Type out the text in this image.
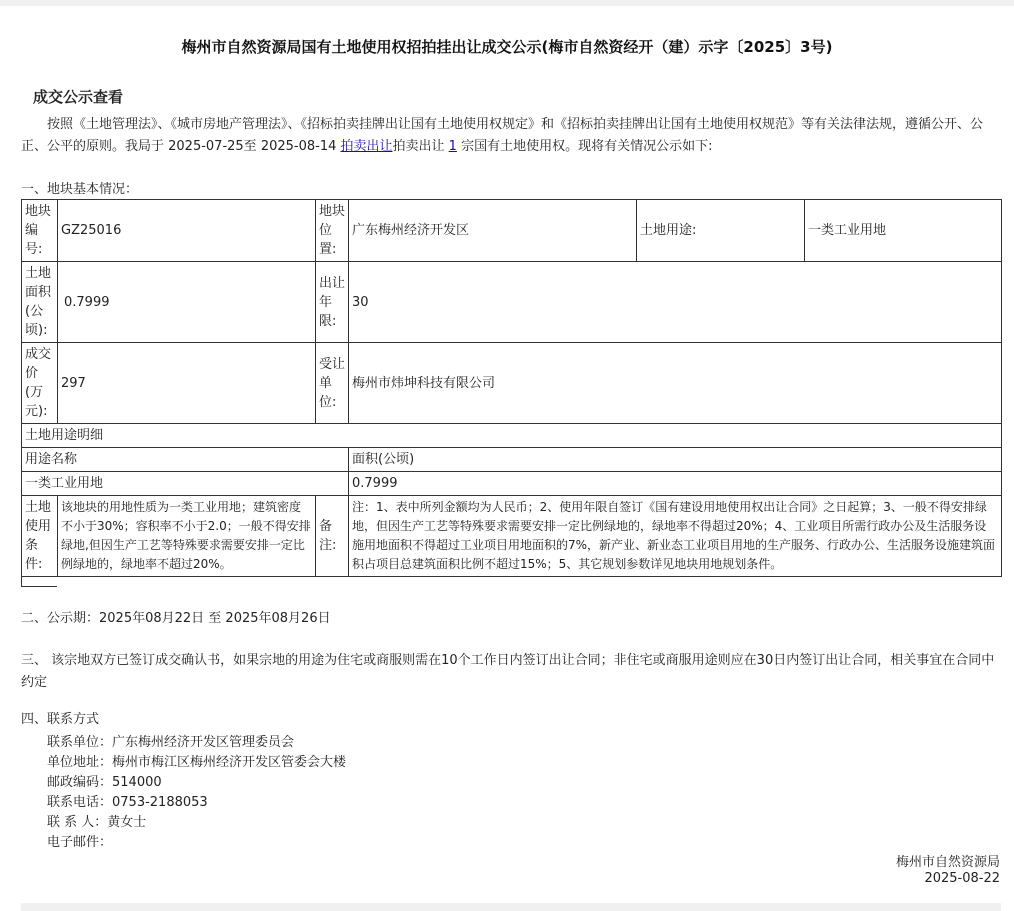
梅州市自然资源局国有土地使用权招拍挂出让成交公示(梅市自然资经开（建）示字〔2025〕3号)
成交公示查看
按照《土地管理法》、《城市房地产管理法》、《招标拍卖挂牌出让国有土地使用权规定》和《招标拍卖挂牌出让国有土地使用权规范》等有关法律法规，遵循公开、公正、公平的原则。我局于 2025-07-25至 2025-08-14 拍卖出让拍卖出让 1 宗国有土地使用权。现将有关情况公示如下:
一、地块基本情况：
地块编号:	GZ25016	地块位置:	广东梅州经济开发区	土地用途:	一类工业用地
土地面积(公顷):	0.7999	出让年限:	30		
成交价(万元):	297	受让单位:	梅州市炜坤科技有限公司		
土地用途明细					
用途名称			面积(公顷)		
一类工业用地			0.7999		
土地使用条件:	该地块的用地性质为一类工业用地；建筑密度不小于30%；容积率不小于2.0；一般不得安排绿地,但因生产工艺等特殊要求需要安排一定比例绿地的，绿地率不超过20%。	备注:	注：1、表中所列金额均为人民币；2、使用年限自签订《国有建设用地使用权出让合同》之日起算；3、一般不得安排绿地，但因生产工艺等特殊要求需要安排一定比例绿地的，绿地率不得超过20%；4、工业项目所需行政办公及生活服务设施用地面积不得超过工业项目用地面积的7%，新产业、新业态工业项目用地的生产服务、行政办公、生活服务设施建筑面积占项目总建筑面积比例不超过15%；5、其它规划参数详见地块用地规划条件。		
二、公示期：2025年08月22日 至 2025年08月26日
三、 该宗地双方已签订成交确认书，如果宗地的用途为住宅或商服则需在10个工作日内签订出让合同；非住宅或商服用途则应在30日内签订出让合同，相关事宜在合同中约定
四、联系方式
联系单位：广东梅州经济开发区管理委员会
单位地址：梅州市梅江区梅州经济开发区管委会大楼
邮政编码：514000
联系电话：0753-2188053
联 系 人：黄女士
电子邮件：
梅州市自然资源局
2025-08-22
